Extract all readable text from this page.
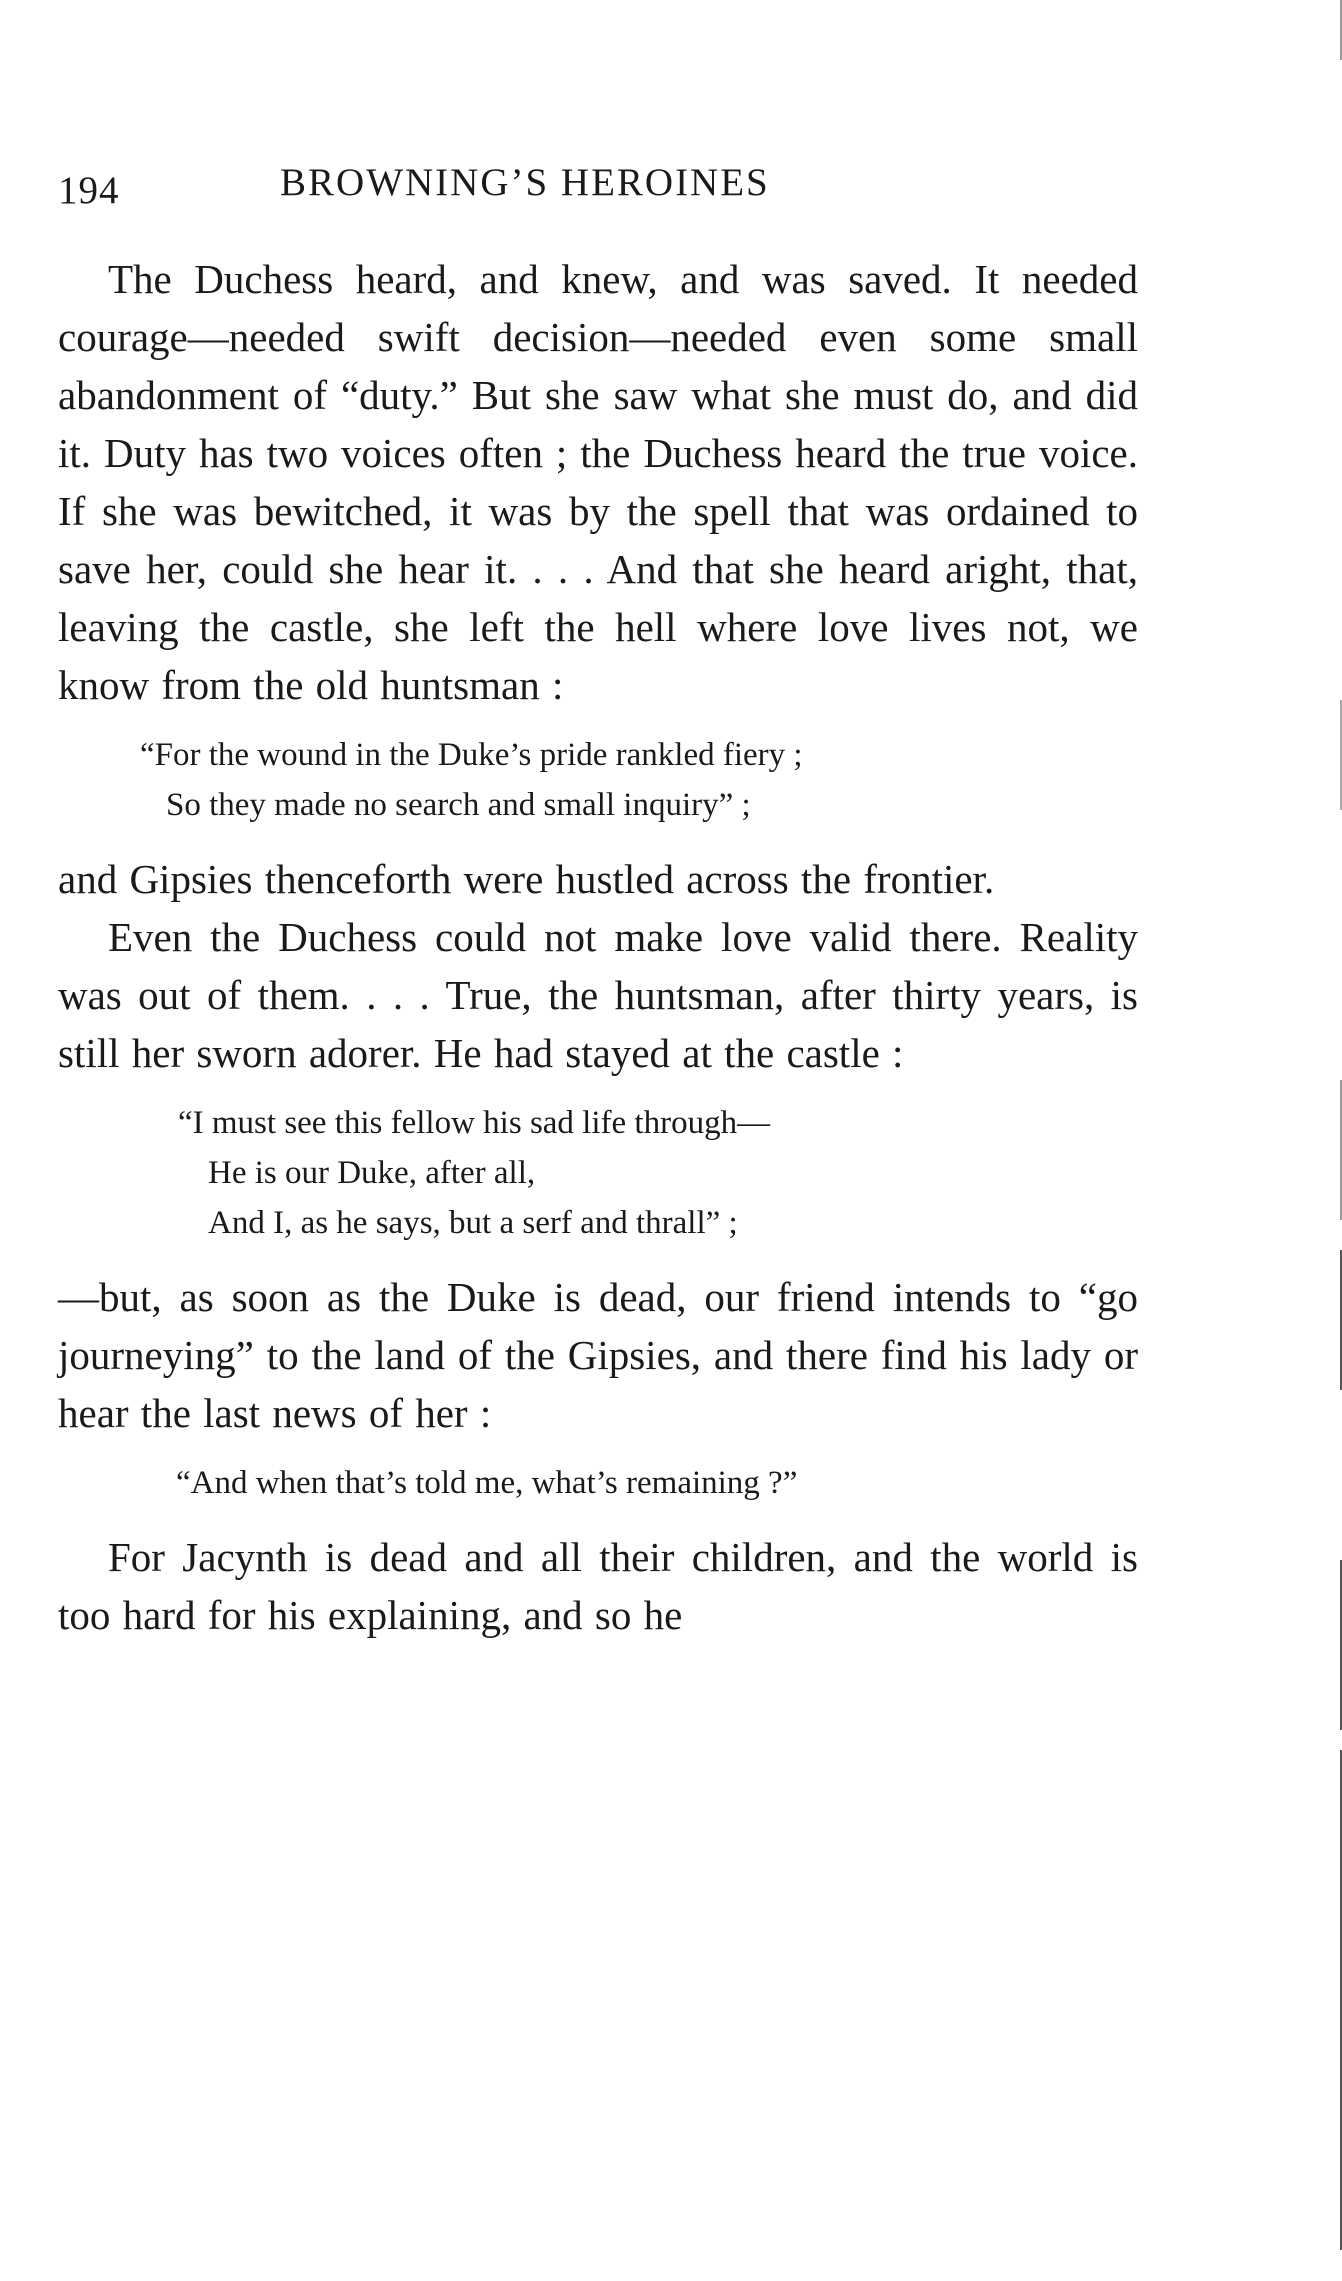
194	BROWNING’S HEROINES

The Duchess heard, and knew, and was saved. It needed courage—needed swift decision—needed even some small abandonment of “duty.” But she saw what she must do, and did it. Duty has two voices often ; the Duchess heard the true voice. If she was bewitched, it was by the spell that was ordained to save her, could she hear it. . . . And that she heard aright, that, leaving the castle, she left the hell where love lives not, we know from the old huntsman :

“For the wound in the Duke’s pride rankled fiery ;
So they made no search and small inquiry” ;

and Gipsies thenceforth were hustled across the frontier.

Even the Duchess could not make love valid there. Reality was out of them. . . . True, the huntsman, after thirty years, is still her sworn adorer. He had stayed at the castle :

“I must see this fellow his sad life through—
He is our Duke, after all,
And I, as he says, but a serf and thrall” ;

—but, as soon as the Duke is dead, our friend intends to “go journeying” to the land of the Gipsies, and there find his lady or hear the last news of her :

“And when that’s told me, what’s remaining ?”

For Jacynth is dead and all their children, and the world is too hard for his explaining, and so he
